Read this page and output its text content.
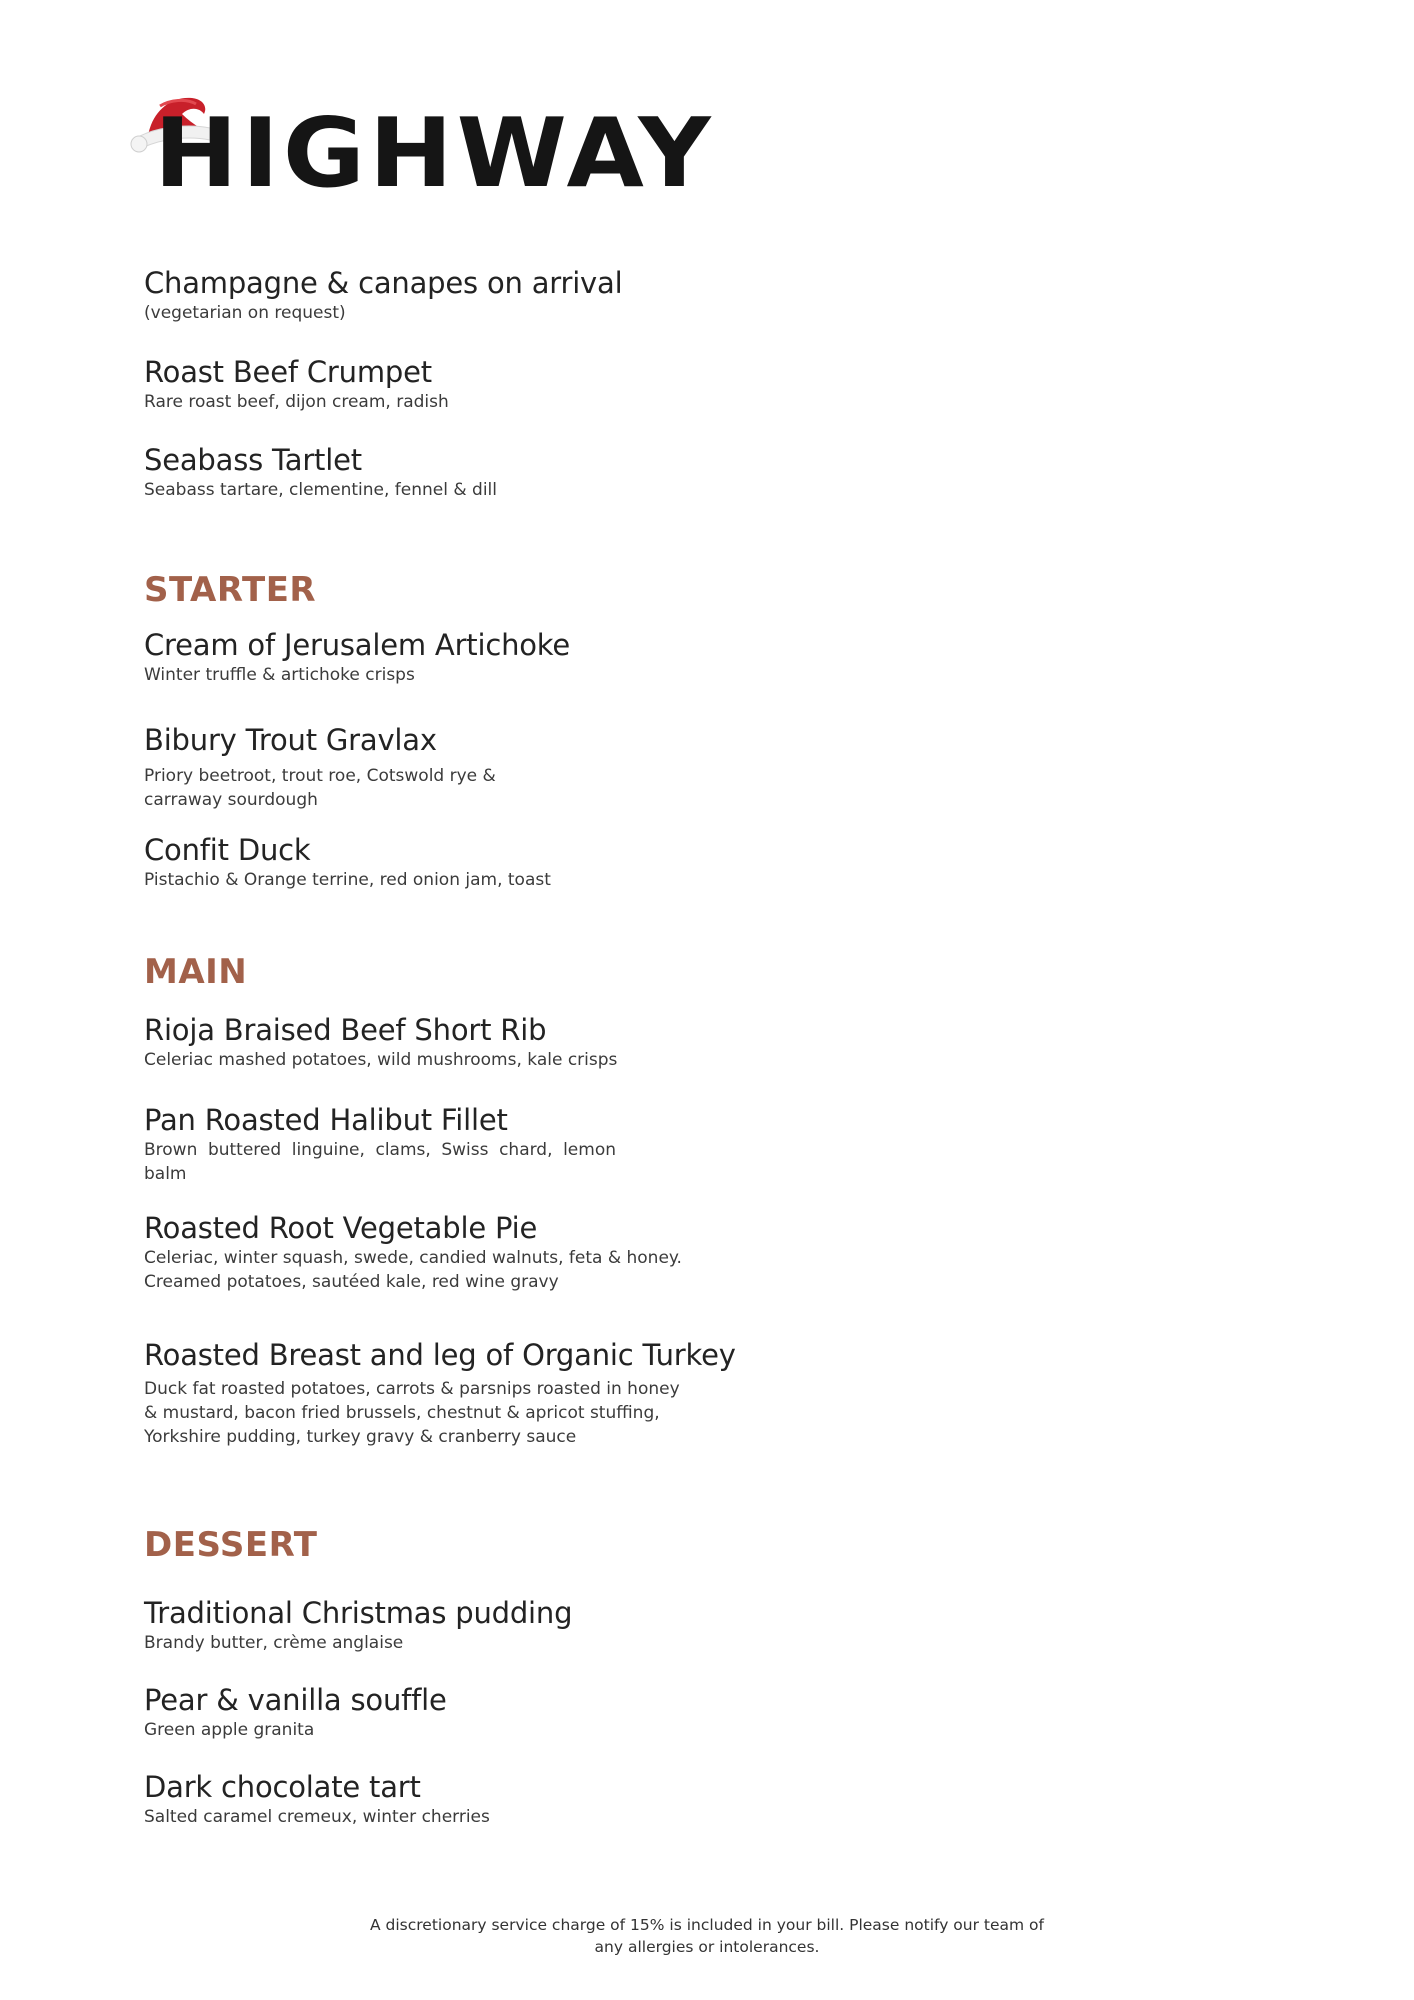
HIGHWAY
Champagne & canapes on arrival
(vegetarian on request)
Roast Beef Crumpet
Rare roast beef, dijon cream, radish
Seabass Tartlet
Seabass tartare, clementine, fennel & dill
STARTER
Cream of Jerusalem Artichoke
Winter truffle & artichoke crisps
Bibury Trout Gravlax
Priory beetroot, trout roe, Cotswold rye &
carraway sourdough
Confit Duck
Pistachio & Orange terrine, red onion jam, toast
MAIN
Rioja Braised Beef Short Rib
Celeriac mashed potatoes, wild mushrooms, kale crisps
Pan Roasted Halibut Fillet
Brown buttered linguine, clams, Swiss chard, lemon balm
Roasted Root Vegetable Pie
Celeriac, winter squash, swede, candied walnuts, feta & honey.
Creamed potatoes, sautéed kale, red wine gravy
Roasted Breast and leg of Organic Turkey
Duck fat roasted potatoes, carrots & parsnips roasted in honey
& mustard, bacon fried brussels, chestnut & apricot stuffing,
Yorkshire pudding, turkey gravy & cranberry sauce
DESSERT
Traditional Christmas pudding
Brandy butter, crème anglaise
Pear & vanilla souffle
Green apple granita
Dark chocolate tart
Salted caramel cremeux, winter cherries
A discretionary service charge of 15% is included in your bill. Please notify our team of
any allergies or intolerances.
